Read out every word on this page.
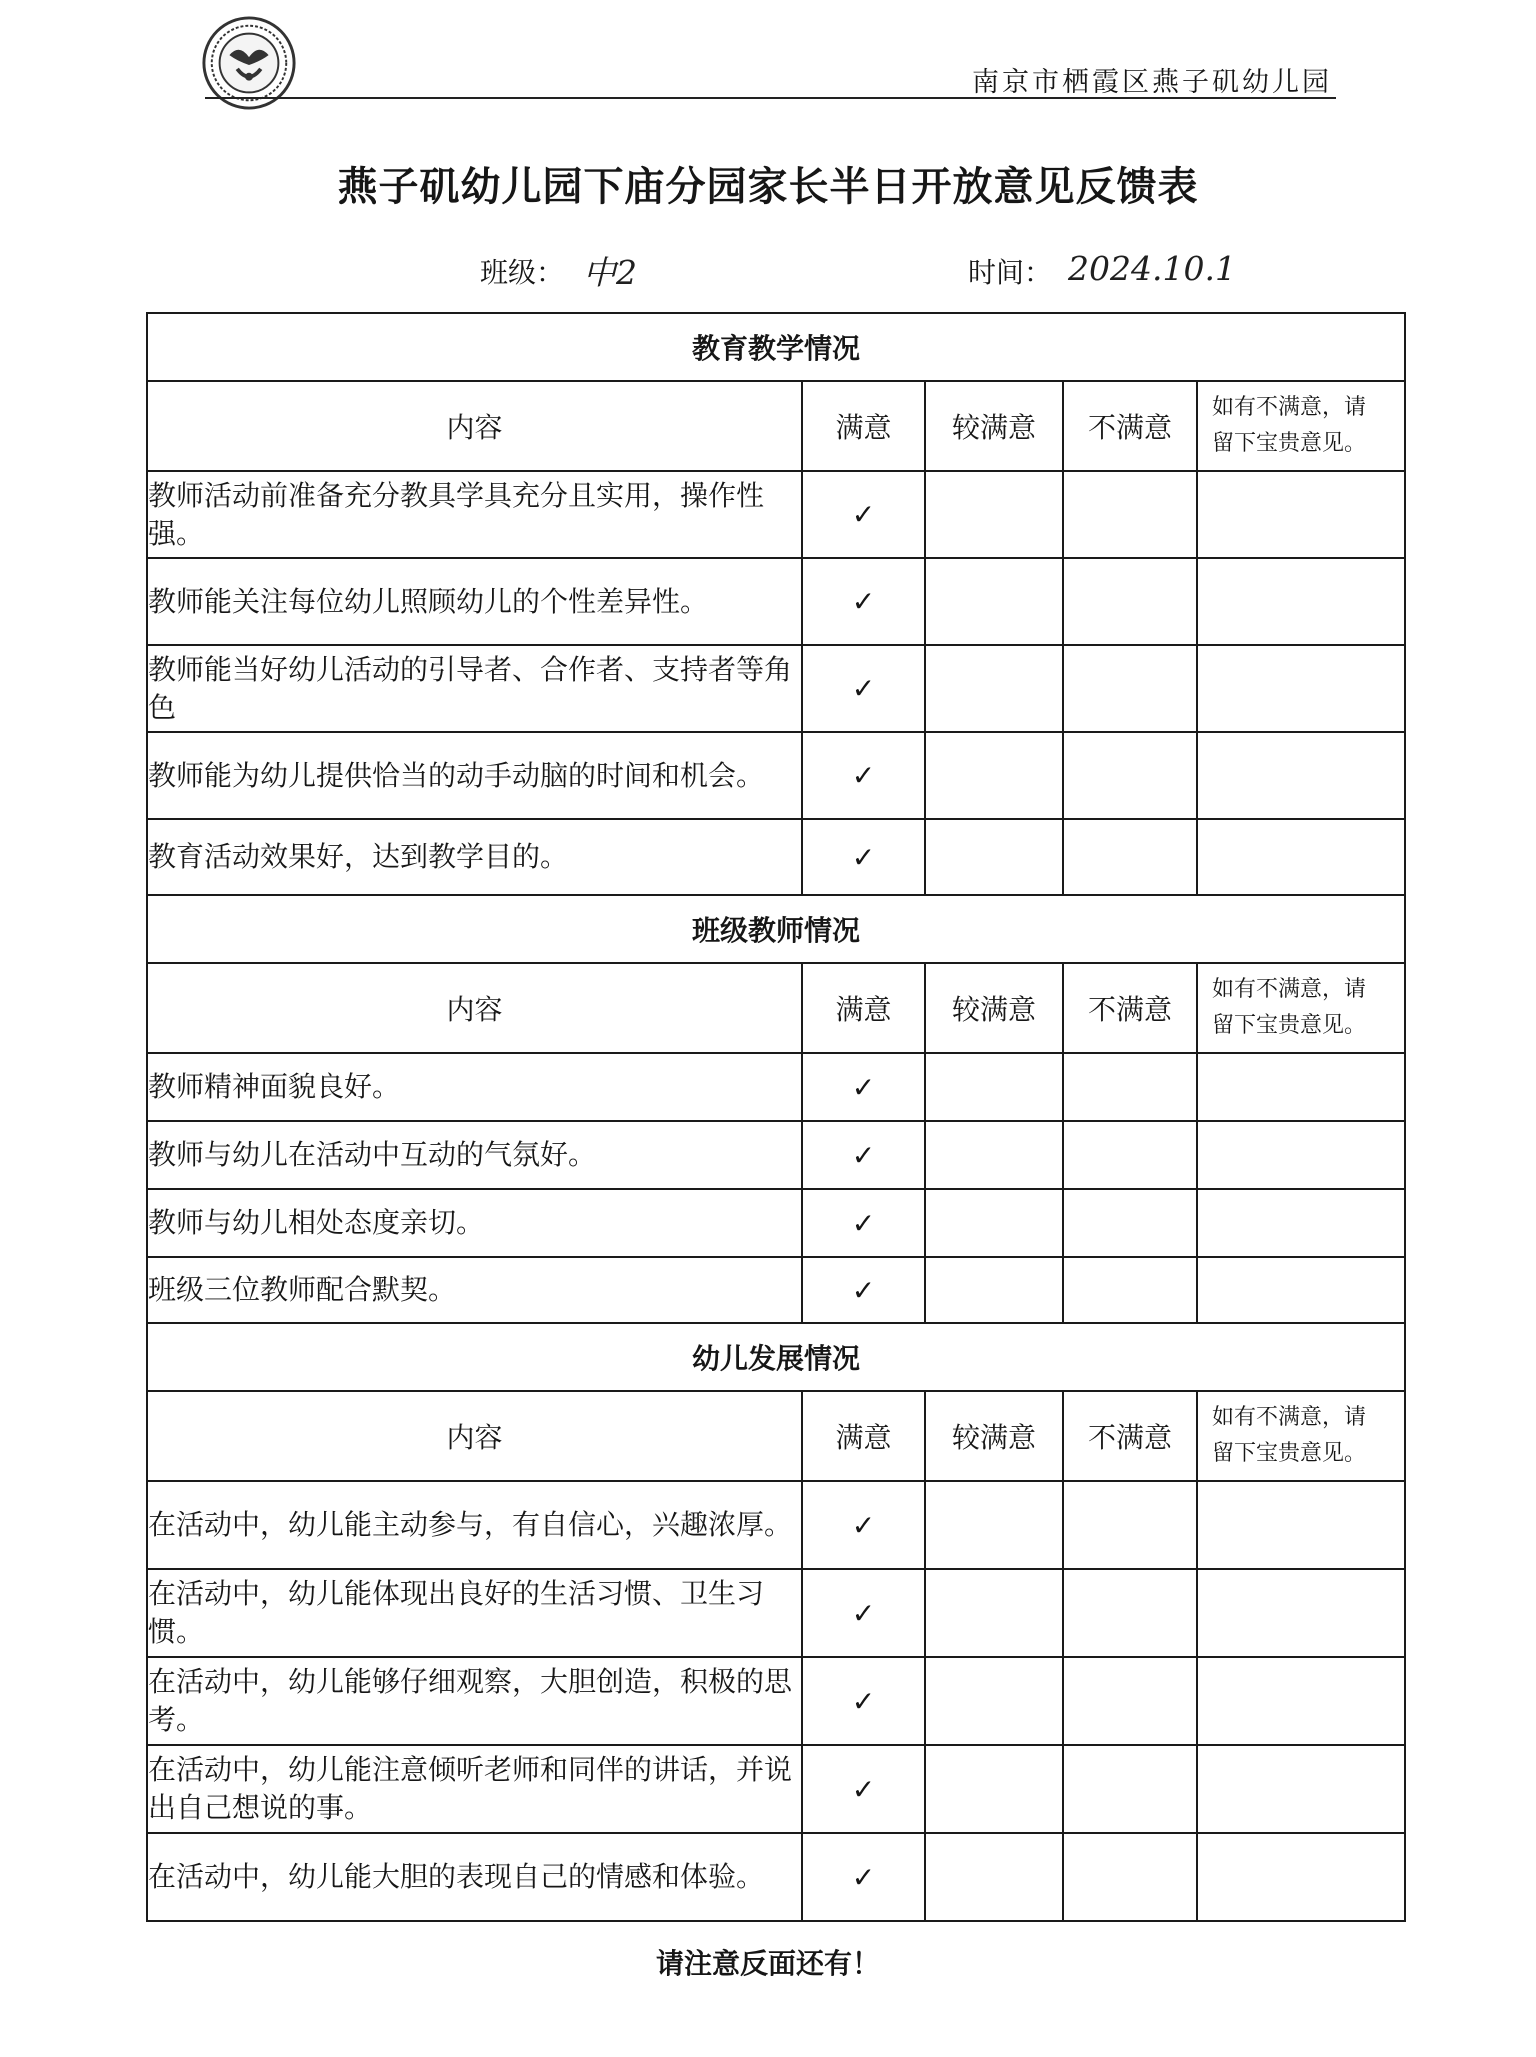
南京市栖霞区燕子矶幼儿园
燕子矶幼儿园下庙分园家长半日开放意见反馈表
班级： 中2	时间： 2024.10.1
教育教学情况				
内容	满意	较满意	不满意	如有不满意，请
留下宝贵意见。

教师活动前准备充分教具学具充分且实用，操作性强。	✓			
教师能关注每位幼儿照顾幼儿的个性差异性。	✓			
教师能当好幼儿活动的引导者、合作者、支持者等角色	✓			
教师能为幼儿提供恰当的动手动脑的时间和机会。	✓			
教育活动效果好，达到教学目的。	✓			
班级教师情况				
内容	满意	较满意	不满意	如有不满意，请
留下宝贵意见。

教师精神面貌良好。	✓			
教师与幼儿在活动中互动的气氛好。	✓			
教师与幼儿相处态度亲切。	✓			
班级三位教师配合默契。	✓			
幼儿发展情况				
内容	满意	较满意	不满意	如有不满意，请
留下宝贵意见。

在活动中，幼儿能主动参与，有自信心，兴趣浓厚。	✓			
在活动中，幼儿能体现出良好的生活习惯、卫生习惯。	✓			
在活动中，幼儿能够仔细观察，大胆创造，积极的思考。	✓			
在活动中，幼儿能注意倾听老师和同伴的讲话，并说出自己想说的事。	✓			
在活动中，幼儿能大胆的表现自己的情感和体验。	✓			
请注意反面还有！
